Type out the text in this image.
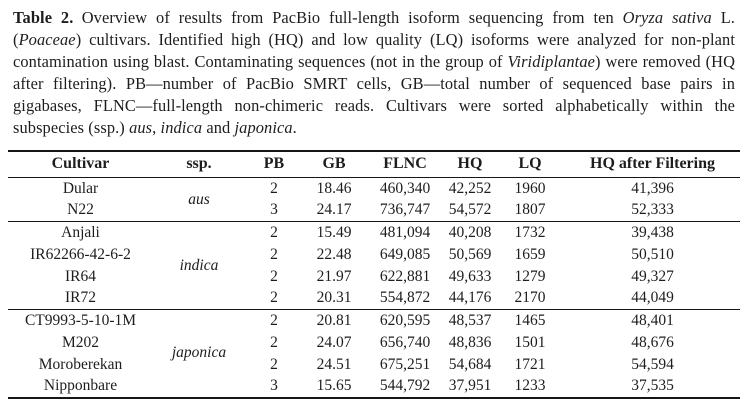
Table 2. Overview of results from PacBio full-length isoform sequencing from ten Oryza sativa L. (Poaceae) cultivars. Identified high (HQ) and low quality (LQ) isoforms were analyzed for non-plant contamination using blast. Contaminating sequences (not in the group of Viridiplantae) were removed (HQ after filtering). PB—number of PacBio SMRT cells, GB—total number of sequenced base pairs in gigabases, FLNC—full-length non-chimeric reads. Cultivars were sorted alphabetically within the subspecies (ssp.) aus, indica and japonica.

Cultivar	ssp.	PB	GB	FLNC	HQ	LQ	HQ after Filtering
Dular	aus	2	18.46	460,340	42,252	1960	41,396
N22		3	24.17	736,747	54,572	1807	52,333
Anjali	indica	2	15.49	481,094	40,208	1732	39,438
IR62266-42-6-2		2	22.48	649,085	50,569	1659	50,510
IR64		2	21.97	622,881	49,633	1279	49,327
IR72		2	20.31	554,872	44,176	2170	44,049
CT9993-5-10-1M	japonica	2	20.81	620,595	48,537	1465	48,401
M202		2	24.07	656,740	48,836	1501	48,676
Moroberekan		2	24.51	675,251	54,684	1721	54,594
Nipponbare		3	15.65	544,792	37,951	1233	37,535
